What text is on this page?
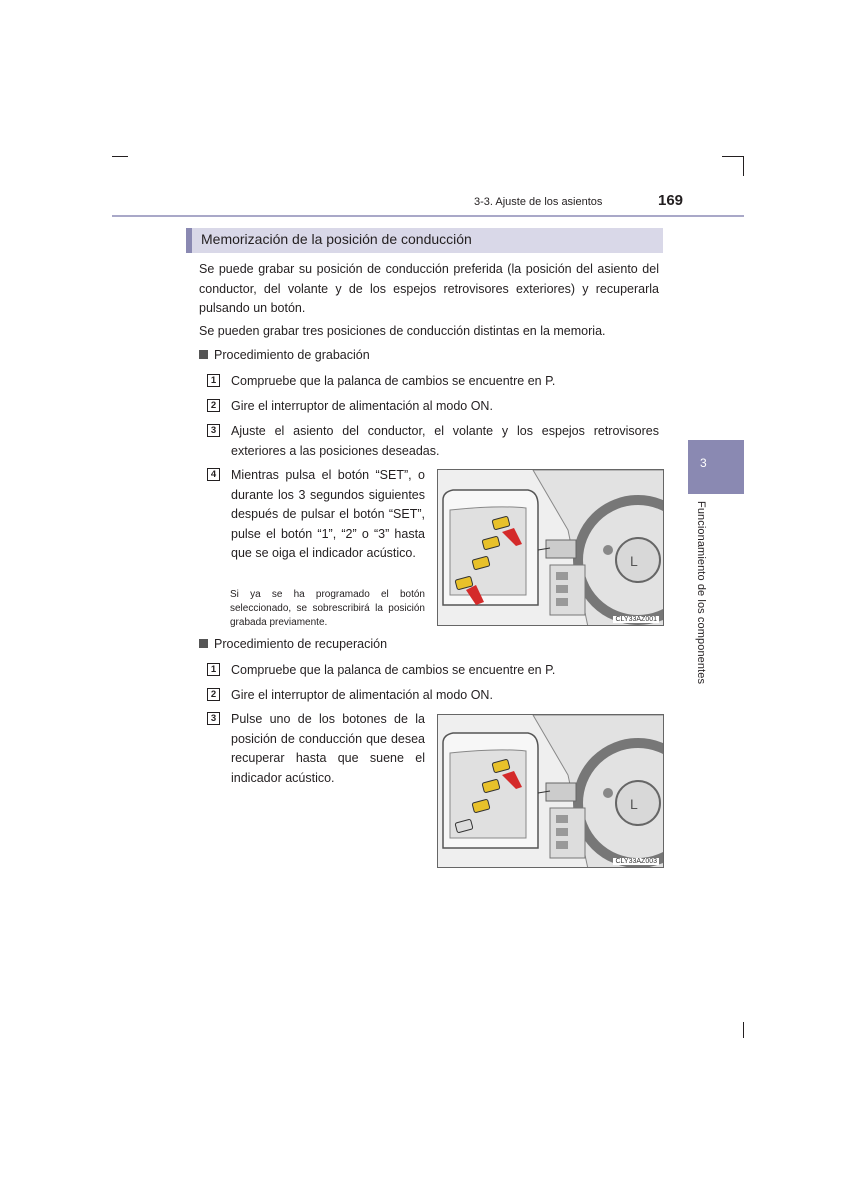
3-3. Ajuste de los asientos	169
3
Funcionamiento de los componentes
Memorización de la posición de conducción
Se puede grabar su posición de conducción preferida (la posición del asiento del conductor, del volante y de los espejos retrovisores exteriores) y recuperarla pulsando un botón.
Se pueden grabar tres posiciones de conducción distintas en la memoria.
Procedimiento de grabación
1	Compruebe que la palanca de cambios se encuentre en P.
2	Gire el interruptor de alimentación al modo ON.
3	Ajuste el asiento del conductor, el volante y los espejos retrovisores exteriores a las posiciones deseadas.
4	Mientras pulsa el botón “SET”, o durante los 3 segundos siguientes después de pulsar el botón “SET”, pulse el botón “1”, “2” o “3” hasta que se oiga el indicador acústico.
Si ya se ha programado el botón seleccionado, se sobrescribirá la posición grabada previamente.
L
CLY33AZ001
Procedimiento de recuperación
1	Compruebe que la palanca de cambios se encuentre en P.
2	Gire el interruptor de alimentación al modo ON.
3	Pulse uno de los botones de la posición de conducción que desea recuperar hasta que suene el indicador acústico.
L
CLY33AZ003
